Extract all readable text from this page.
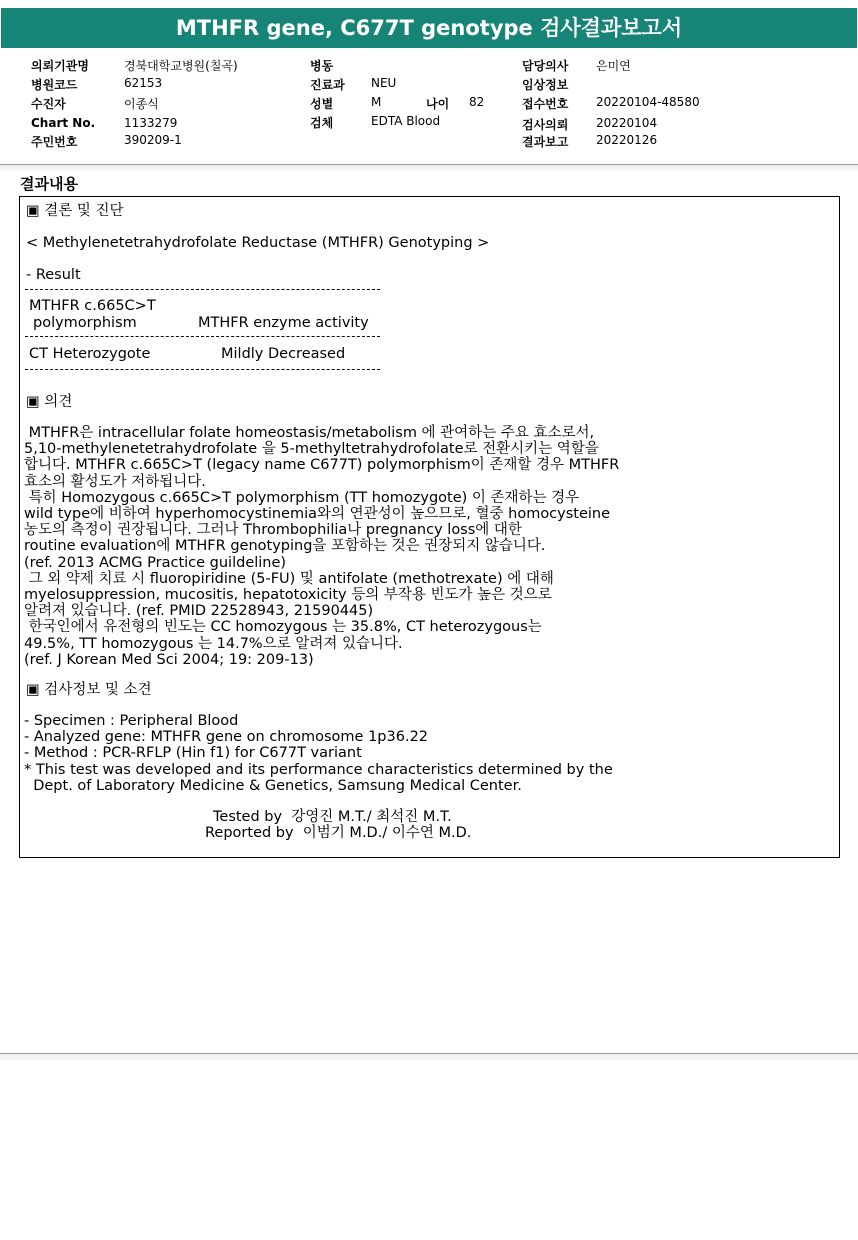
MTHFR gene, C677T genotype 검사결과보고서
의뢰기관명	경북대학교병원(칠곡)
병원코드	62153
수진자	이종식
Chart No. 1133279
주민번호	390209-1
병동
진료과 NEU
성별	M	나이 82
검체	EDTA Blood
담당의사 은미연
임상정보
접수번호 20220104-48580
검사의뢰 20220104
결과보고 20220126
결과내용
▣ 결론 및 진단
< Methylenetetrahydrofolate Reductase (MTHFR) Genotyping >
- Result
MTHFR c.665C>T
polymorphism	MTHFR enzyme activity
CT Heterozygote	Mildly Decreased
▣ 의견
MTHFR은 intracellular folate homeostasis/metabolism 에 관여하는 주요 효소로서,
5,10-methylenetetrahydrofolate 을 5-methyltetrahydrofolate로 전환시키는 역할을
합니다. MTHFR c.665C>T (legacy name C677T) polymorphism이 존재할 경우 MTHFR
효소의 활성도가 저하됩니다.
특히 Homozygous c.665C>T polymorphism (TT homozygote) 이 존재하는 경우
wild type에 비하여 hyperhomocystinemia와의 연관성이 높으므로, 혈중 homocysteine
농도의 측정이 권장됩니다. 그러나 Thrombophilia나 pregnancy loss에 대한
routine evaluation에 MTHFR genotyping을 포함하는 것은 권장되지 않습니다.
(ref. 2013 ACMG Practice guildeline)
그 외 약제 치료 시 fluoropiridine (5-FU) 및 antifolate (methotrexate) 에 대해
myelosuppression, mucositis, hepatotoxicity 등의 부작용 빈도가 높은 것으로
알려져 있습니다. (ref. PMID 22528943, 21590445)
한국인에서 유전형의 빈도는 CC homozygous 는 35.8%, CT heterozygous는
49.5%, TT homozygous 는 14.7%으로 알려져 있습니다.
(ref. J Korean Med Sci 2004; 19: 209-13)
▣ 검사정보 및 소견
- Specimen : Peripheral Blood
- Analyzed gene: MTHFR gene on chromosome 1p36.22
- Method : PCR-RFLP (Hin f1) for C677T variant
* This test was developed and its performance characteristics determined by the
Dept. of Laboratory Medicine & Genetics, Samsung Medical Center.
Tested by  강영진 M.T./ 최석진 M.T.
Reported by  이범기 M.D./ 이수연 M.D.
